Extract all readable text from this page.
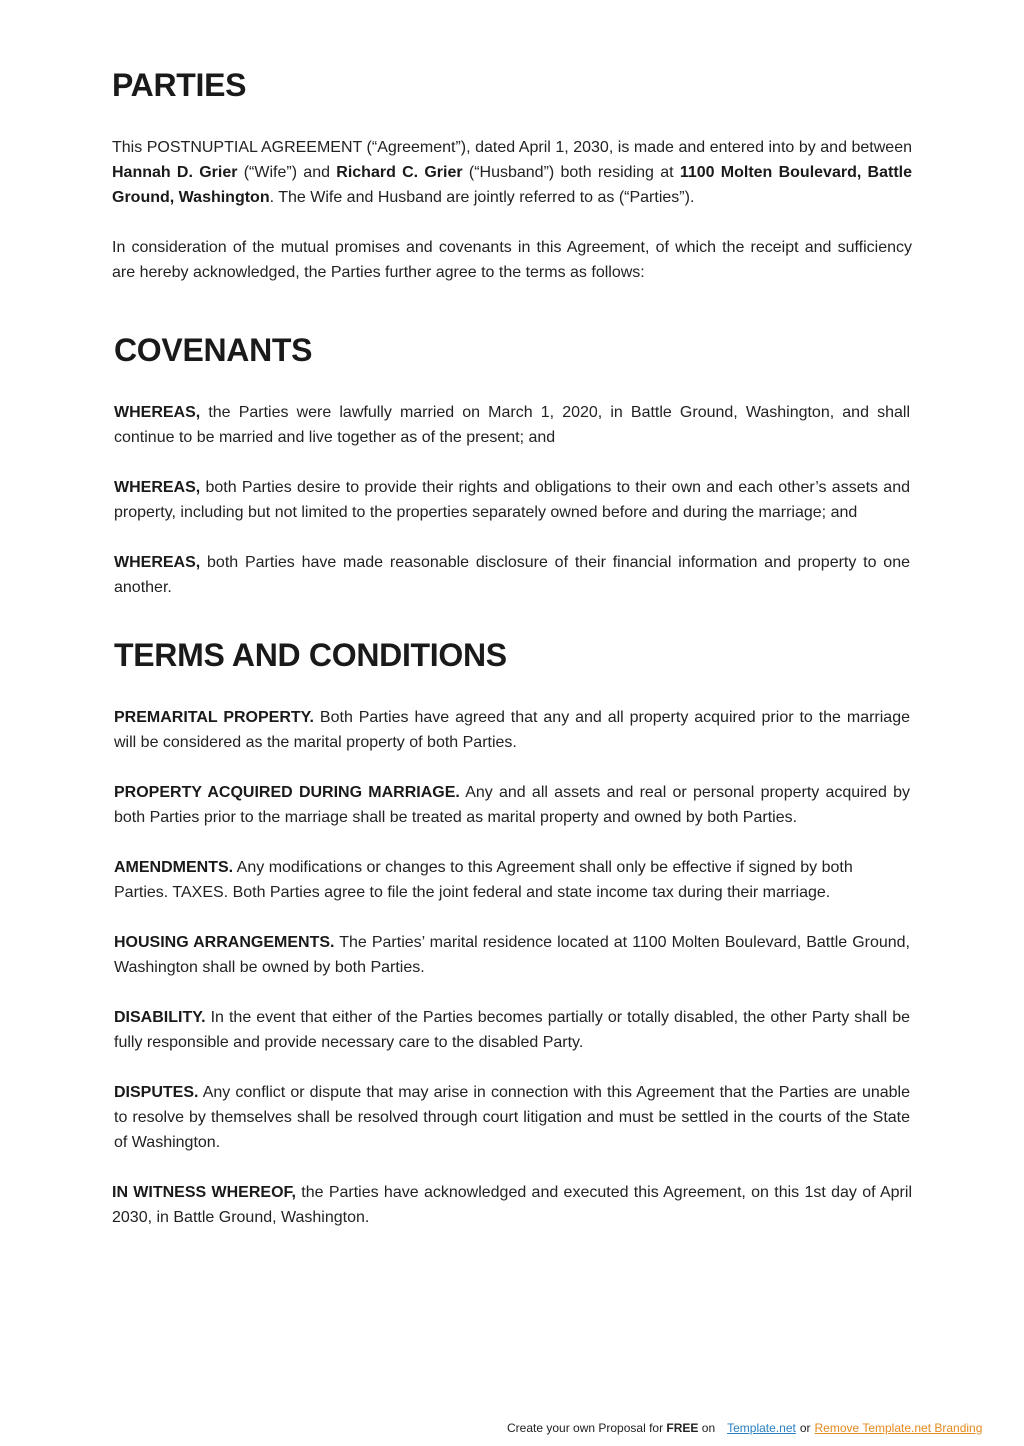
PARTIES

This POSTNUPTIAL AGREEMENT (“Agreement”), dated April 1, 2030, is made and entered into by and between Hannah D. Grier (“Wife”) and Richard C. Grier (“Husband”) both residing at 1100 Molten Boulevard, Battle Ground, Washington. The Wife and Husband are jointly referred to as (“Parties”).

In consideration of the mutual promises and covenants in this Agreement, of which the receipt and sufficiency are hereby acknowledged, the Parties further agree to the terms as follows:

COVENANTS

WHEREAS, the Parties were lawfully married on March 1, 2020, in Battle Ground, Washington, and shall continue to be married and live together as of the present; and

WHEREAS, both Parties desire to provide their rights and obligations to their own and each other’s assets and property, including but not limited to the properties separately owned before and during the marriage; and

WHEREAS, both Parties have made reasonable disclosure of their financial information and property to one another.

TERMS AND CONDITIONS

PREMARITAL PROPERTY. Both Parties have agreed that any and all property acquired prior to the marriage will be considered as the marital property of both Parties.

PROPERTY ACQUIRED DURING MARRIAGE. Any and all assets and real or personal property acquired by both Parties prior to the marriage shall be treated as marital property and owned by both Parties.

AMENDMENTS. Any modifications or changes to this Agreement shall only be effective if signed by both Parties. TAXES. Both Parties agree to file the joint federal and state income tax during their marriage.

HOUSING ARRANGEMENTS. The Parties’ marital residence located at 1100 Molten Boulevard, Battle Ground, Washington shall be owned by both Parties.

DISABILITY. In the event that either of the Parties becomes partially or totally disabled, the other Party shall be fully responsible and provide necessary care to the disabled Party.

DISPUTES. Any conflict or dispute that may arise in connection with this Agreement that the Parties are unable to resolve by themselves shall be resolved through court litigation and must be settled in the courts of the State of Washington.

IN WITNESS WHEREOF, the Parties have acknowledged and executed this Agreement, on this 1st day of April 2030, in Battle Ground, Washington.

Create your own Proposal for FREE on Template.net or Remove Template.net Branding
